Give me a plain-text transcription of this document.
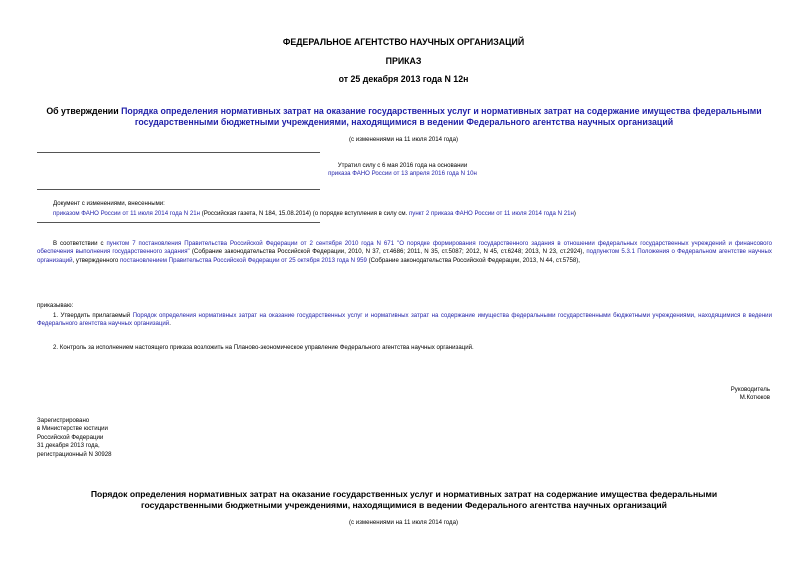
ФЕДЕРАЛЬНОЕ АГЕНТСТВО НАУЧНЫХ ОРГАНИЗАЦИЙ
ПРИКАЗ
от 25 декабря 2013 года N 12н
Об утверждении Порядка определения нормативных затрат на оказание государственных услуг и нормативных затрат на содержание имущества федеральными государственными бюджетными учреждениями, находящимися в ведении Федерального агентства научных организаций
(с изменениями на 11 июля 2014 года)
Утратил силу с 6 мая 2016 года на основании
приказа ФАНО России от 13 апреля 2016 года N 10н
Документ с изменениями, внесенными:
приказом ФАНО России от 11 июля 2014 года N 21н (Российская газета, N 184, 15.08.2014) (о порядке вступления в силу см. пункт 2 приказа ФАНО России от 11 июля 2014 года N 21н)
В соответствии с пунктом 7 постановления Правительства Российской Федерации от 2 сентября 2010 года N 671 "О порядке формирования государственного задания в отношении федеральных государственных учреждений и финансового обеспечения выполнения государственного задания" (Собрание законодательства Российской Федерации, 2010, N 37, ст.4686; 2011, N 35, ст.5087; 2012, N 45, ст.6248; 2013, N 23, ст.2924), подпунктом 5.3.1 Положения о Федеральном агентстве научных организаций, утвержденного постановлением Правительства Российской Федерации от 25 октября 2013 года N 959 (Собрание законодательства Российской Федерации, 2013, N 44, ст.5758),
приказываю:
1. Утвердить прилагаемый Порядок определения нормативных затрат на оказание государственных услуг и нормативных затрат на содержание имущества федеральными государственными бюджетными учреждениями, находящимися в ведении Федерального агентства научных организаций.
2. Контроль за исполнением настоящего приказа возложить на Планово-экономическое управление Федерального агентства научных организаций.
Руководитель
М.Котюков
Зарегистрировано
в Министерстве юстиции
Российской Федерации
31 декабря 2013 года,
регистрационный N 30928
Порядок определения нормативных затрат на оказание государственных услуг и нормативных затрат на содержание имущества федеральными государственными бюджетными учреждениями, находящимися в ведении Федерального агентства научных организаций
(с изменениями на 11 июля 2014 года)
